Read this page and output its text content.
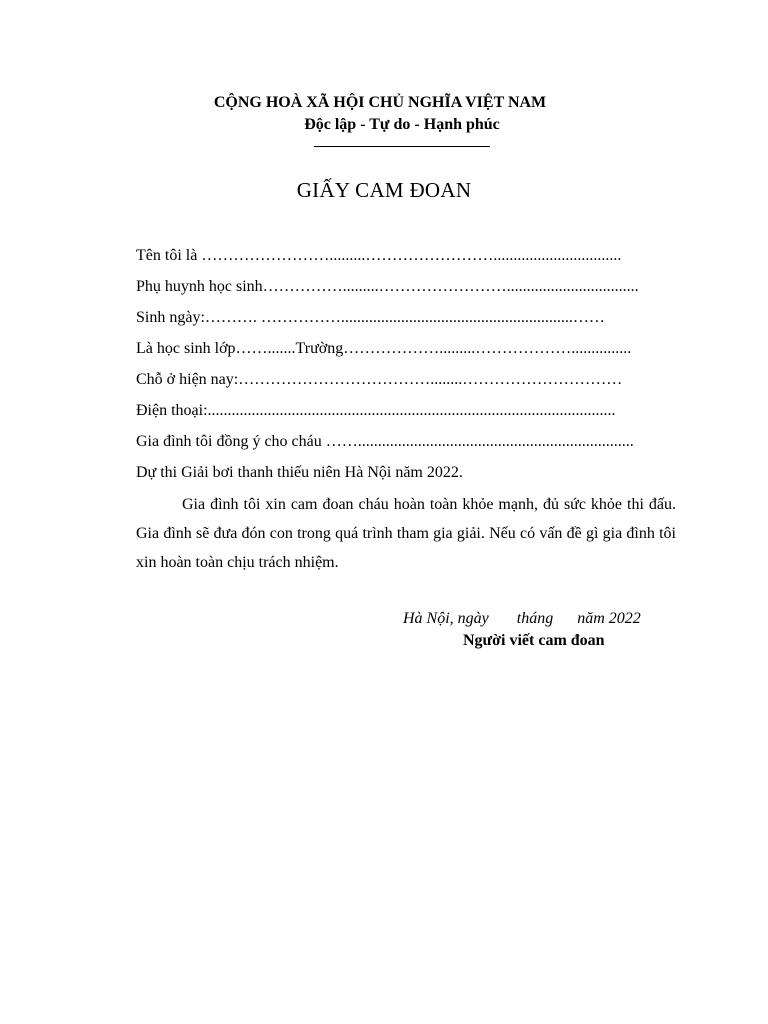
CỘNG HOÀ XÃ HỘI CHỦ NGHĨA VIỆT NAM
Độc lập - Tự do - Hạnh phúc
GIẤY CAM ĐOAN
Tên tôi là …………………….........……………………................................
Phụ huynh học sinh…………….........…………………….................................
Sinh ngày:………. ……………..........................................................……
Là học sinh lớp…….......Trường……………….........………………...............
Chỗ ở hiện nay:………………………………........…………………………
Điện thoại:......................................................................................................
Gia đình tôi đồng ý cho cháu …….....................................................................
Dự thi Giải bơi thanh thiếu niên Hà Nội năm 2022.
Gia đình tôi xin cam đoan cháu hoàn toàn khỏe mạnh, đủ sức khỏe thi đấu. Gia đình sẽ đưa đón con trong quá trình tham gia giải. Nếu có vấn đề gì gia đình tôi xin hoàn toàn chịu trách nhiệm.
Hà Nội, ngày       tháng      năm 2022
Người viết cam đoan
